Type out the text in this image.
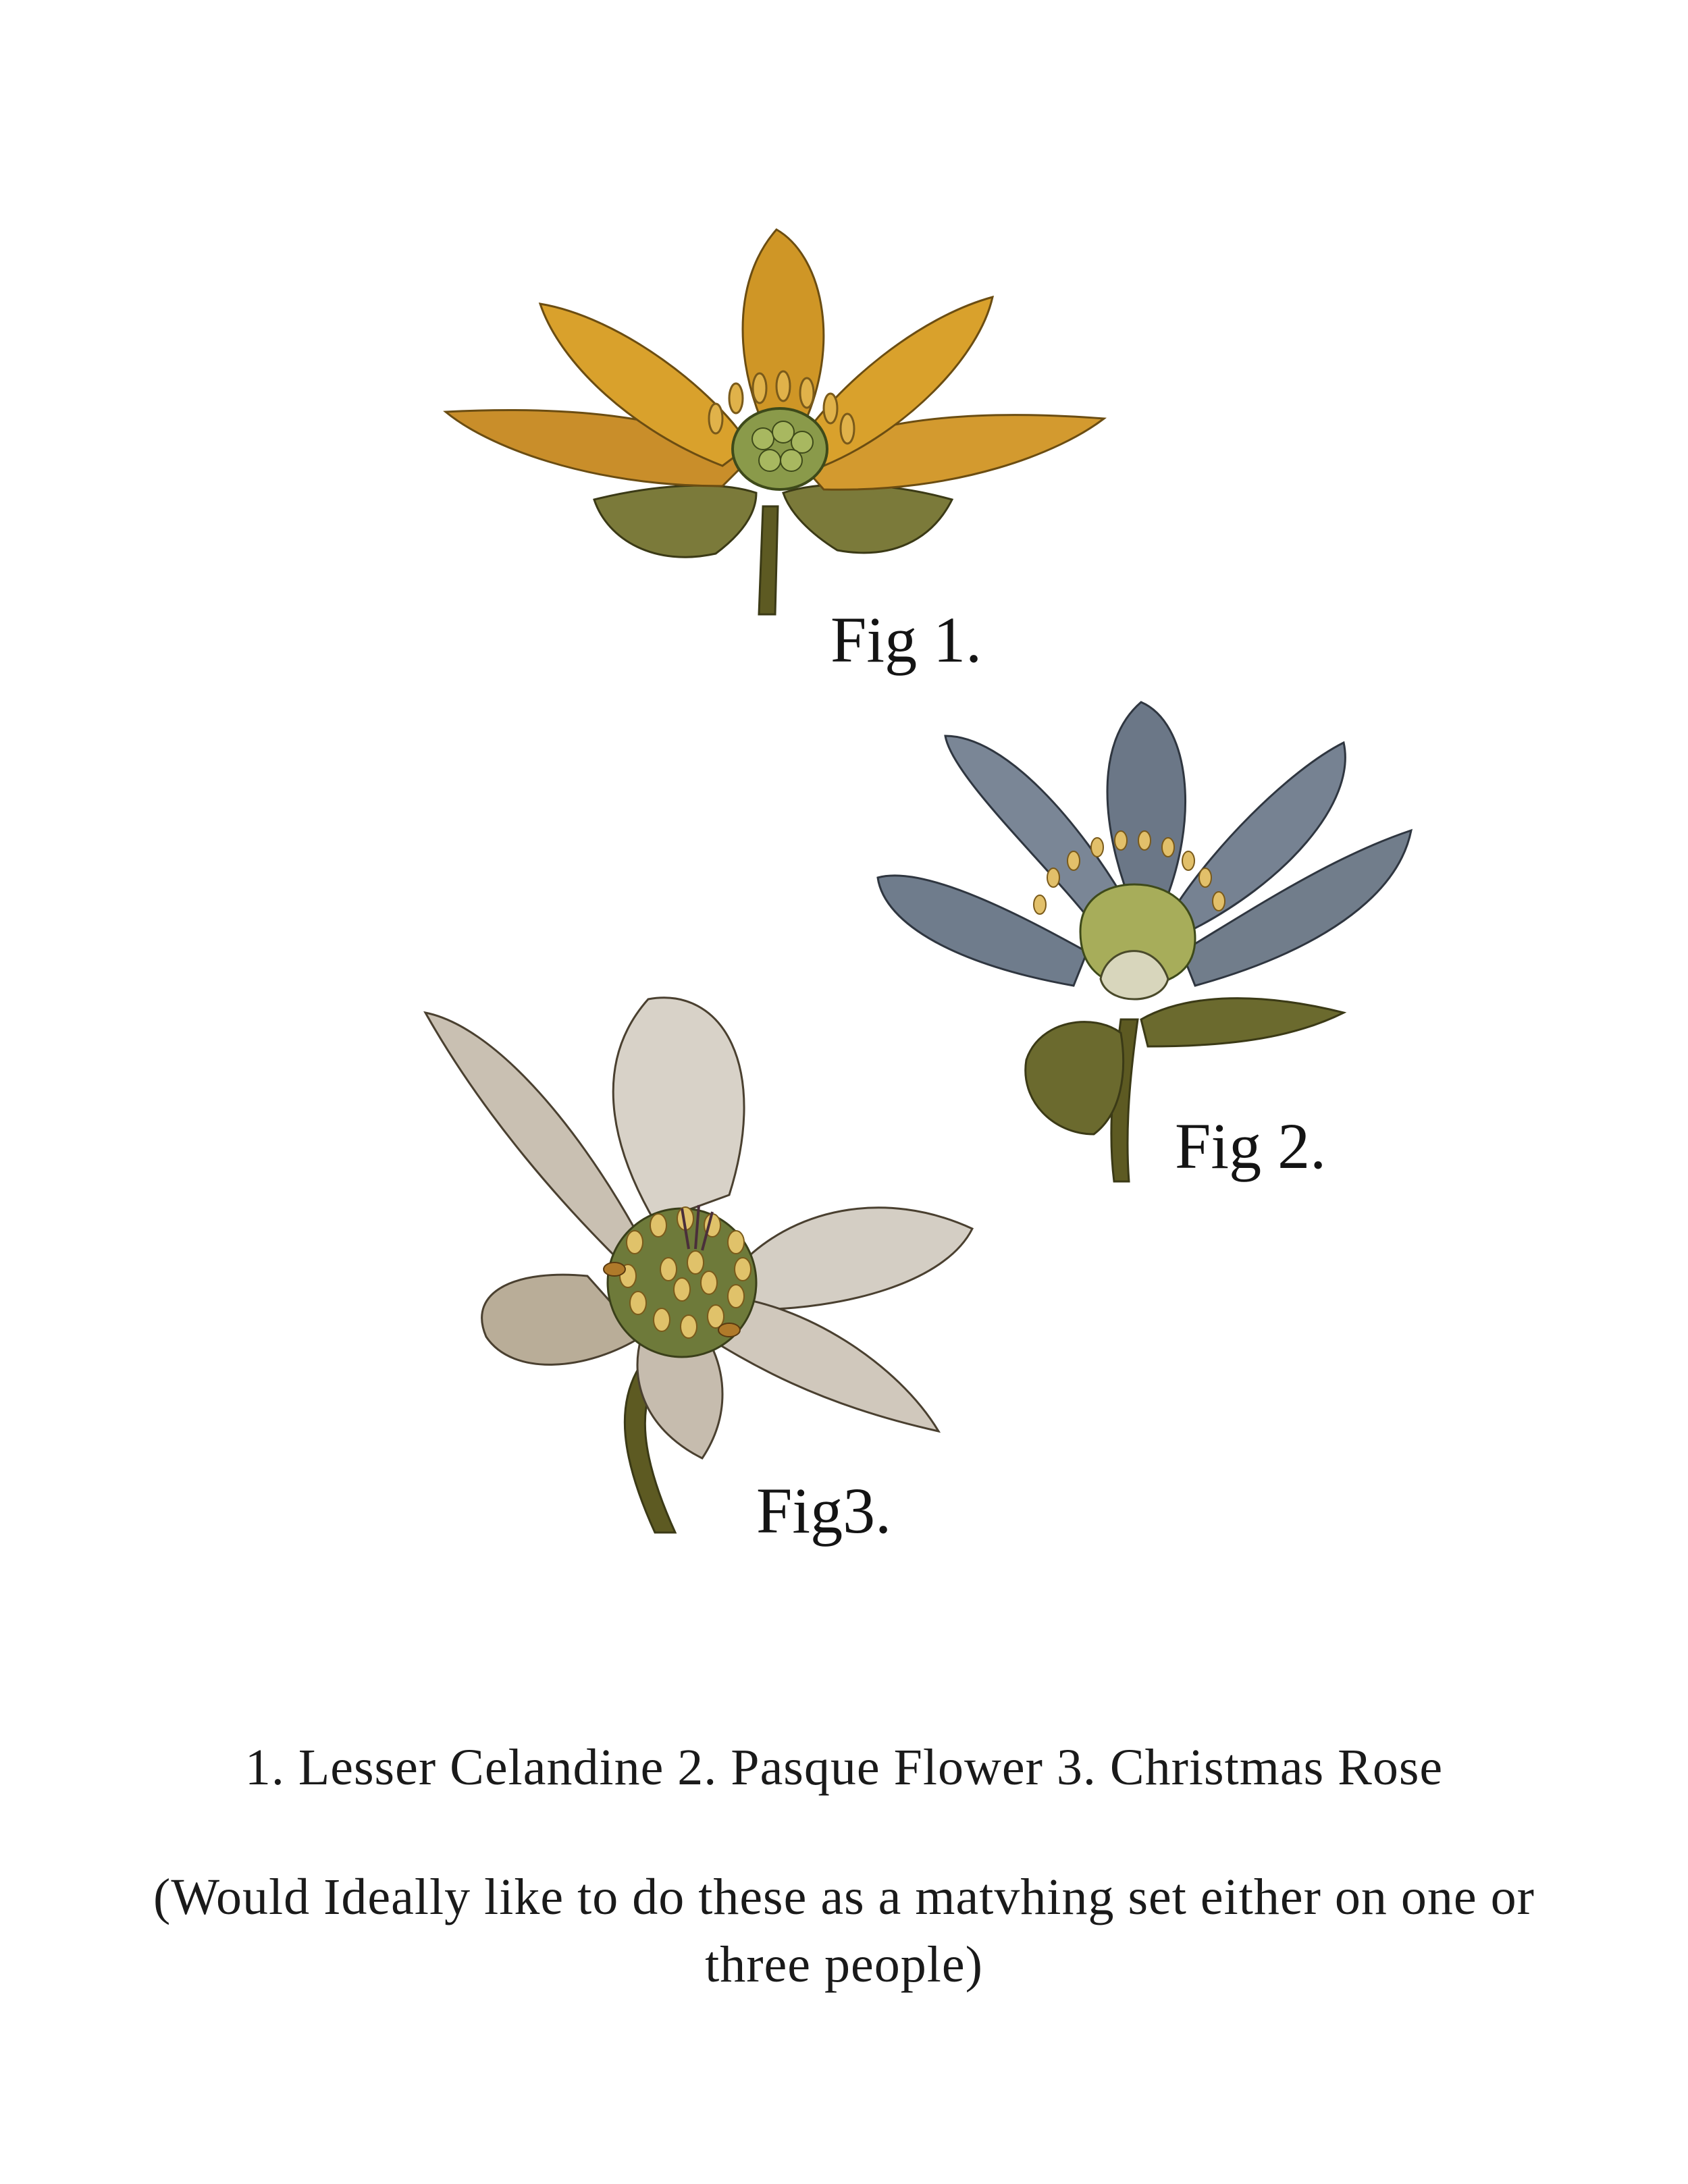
Fig 1.
Fig 2.
Fig3.
1. Lesser Celandine 2. Pasque Flower 3. Christmas Rose
(Would Ideally like to do these as a matvhing set either on one or three people)
